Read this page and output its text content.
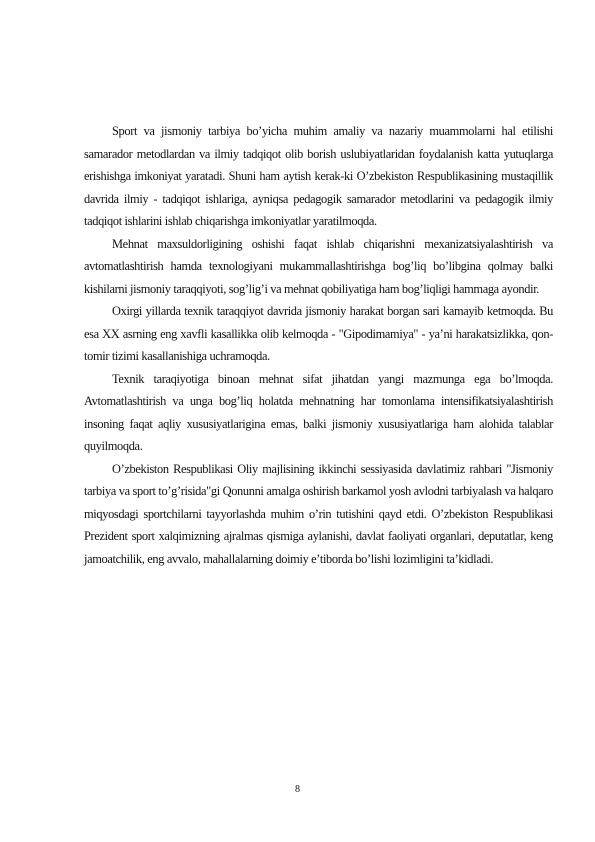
Sport va jismoniy tarbiya bo’yicha muhim amaliy va nazariy muammolarni hal etilishi samarador metodlardan va ilmiy tadqiqot olib borish uslubiyatlaridan foydalanish katta yutuqlarga erishishga imkoniyat yaratadi. Shuni ham aytish kerak-ki O’zbekiston Respublikasining mustaqillik davrida ilmiy - tadqiqot ishlariga, ayniqsa pedagogik samarador metodlarini va pedagogik ilmiy tadqiqot ishlarini ishlab chiqarishga imkoniyatlar yaratilmoqda.

Mehnat maxsuldorligining oshishi faqat ishlab chiqarishni mexanizatsiyalashtirish va avtomatlashtirish hamda texnologiyani mukammallashtirishga bog’liq bo’libgina qolmay balki kishilarni jismoniy taraqqiyoti, sog’lig’i va mehnat qobiliyatiga ham bog’liqligi hammaga ayondir.

Oxirgi yillarda texnik taraqqiyot davrida jismoniy harakat borgan sari kamayib ketmoqda. Bu esa XX asrning eng xavfli kasallikka olib kelmoqda - "Gipodimamiya" - ya’ni harakatsizlikka, qon-tomir tizimi kasallanishiga uchramoqda.

Texnik taraqiyotiga binoan mehnat sifat jihatdan yangi mazmunga ega bo’lmoqda. Avtomatlashtirish va unga bog’liq holatda mehnatning har tomonlama intensifikatsiyalashtirish insoning faqat aqliy xususiyatlarigina emas, balki jismoniy xususiyatlariga ham alohida talablar quyilmoqda.

O’zbekiston Respublikasi Oliy majlisining ikkinchi sessiyasida davlatimiz rahbari "Jismoniy tarbiya va sport to’g’risida"gi Qonunni amalga oshirish barkamol yosh avlodni tarbiyalash va halqaro miqyosdagi sportchilarni tayyorlashda muhim o’rin tutishini qayd etdi. O’zbekiston Respublikasi Prezident sport xalqimizning ajralmas qismiga aylanishi, davlat faoliyati organlari, deputatlar, keng jamoatchilik, eng avvalo, mahallalarning doimiy e’tiborda bo’lishi lozimligini ta’kidladi.

8
